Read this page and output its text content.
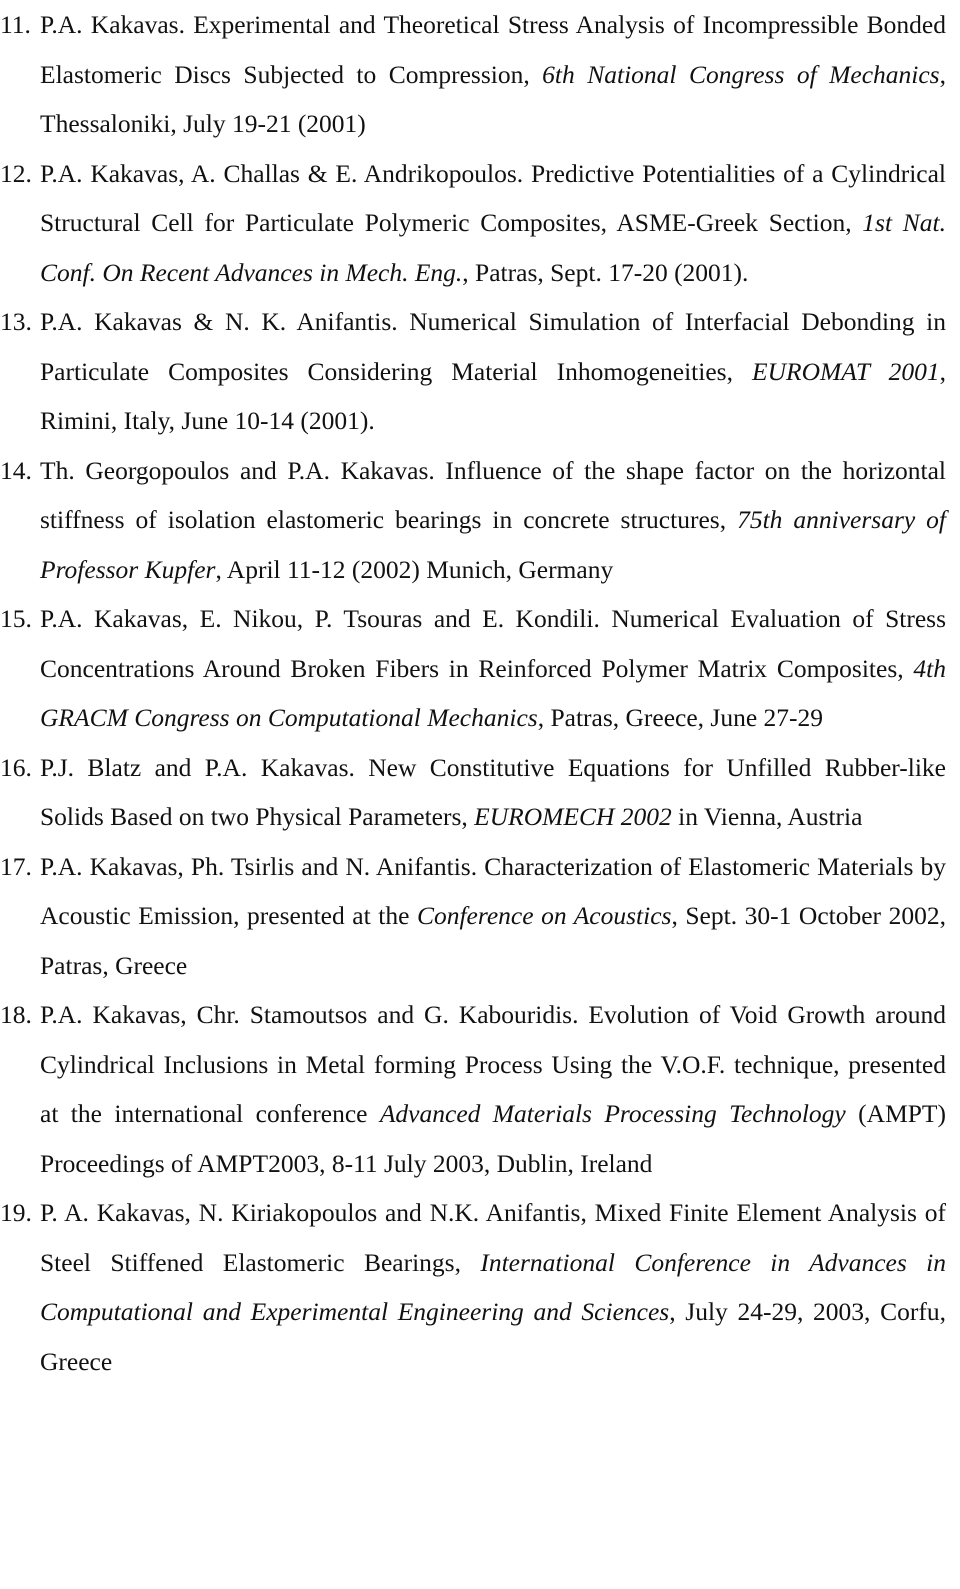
11. P.A. Kakavas. Experimental and Theoretical Stress Analysis of Incompressible Bonded Elastomeric Discs Subjected to Compression, 6th National Congress of Mechanics, Thessaloniki, July 19-21 (2001)
12. P.A. Kakavas, A. Challas & E. Andrikopoulos. Predictive Potentialities of a Cylindrical Structural Cell for Particulate Polymeric Composites, ASME-Greek Section, 1st Nat. Conf. On Recent Advances in Mech. Eng., Patras, Sept. 17-20 (2001).
13. P.A. Kakavas & N. K. Anifantis. Numerical Simulation of Interfacial Debonding in Particulate Composites Considering Material Inhomogeneities, EUROMAT 2001, Rimini, Italy, June 10-14 (2001).
14. Th. Georgopoulos and P.A. Kakavas. Influence of the shape factor on the horizontal stiffness of isolation elastomeric bearings in concrete structures, 75th anniversary of Professor Kupfer, April 11-12 (2002) Munich, Germany
15. P.A. Kakavas, E. Nikou, P. Tsouras and E. Kondili. Numerical Evaluation of Stress Concentrations Around Broken Fibers in Reinforced Polymer Matrix Composites, 4th GRACM Congress on Computational Mechanics, Patras, Greece, June 27-29
16. P.J. Blatz and P.A. Kakavas. New Constitutive Equations for Unfilled Rubber-like Solids Based on two Physical Parameters, EUROMECH 2002 in Vienna, Austria
17. P.A. Kakavas, Ph. Tsirlis and N. Anifantis. Characterization of Elastomeric Materials by Acoustic Emission, presented at the Conference on Acoustics, Sept. 30-1 October 2002, Patras, Greece
18. P.A. Kakavas, Chr. Stamoutsos and G. Kabouridis. Evolution of Void Growth around Cylindrical Inclusions in Metal forming Process Using the V.O.F. technique, presented at the international conference Advanced Materials Processing Technology (AMPT) Proceedings of AMPT2003, 8-11 July 2003, Dublin, Ireland
19. P. A. Kakavas, N. Kiriakopoulos and N.K. Anifantis, Mixed Finite Element Analysis of Steel Stiffened Elastomeric Bearings, International Conference in Advances in Computational and Experimental Engineering and Sciences, July 24-29, 2003, Corfu, Greece
